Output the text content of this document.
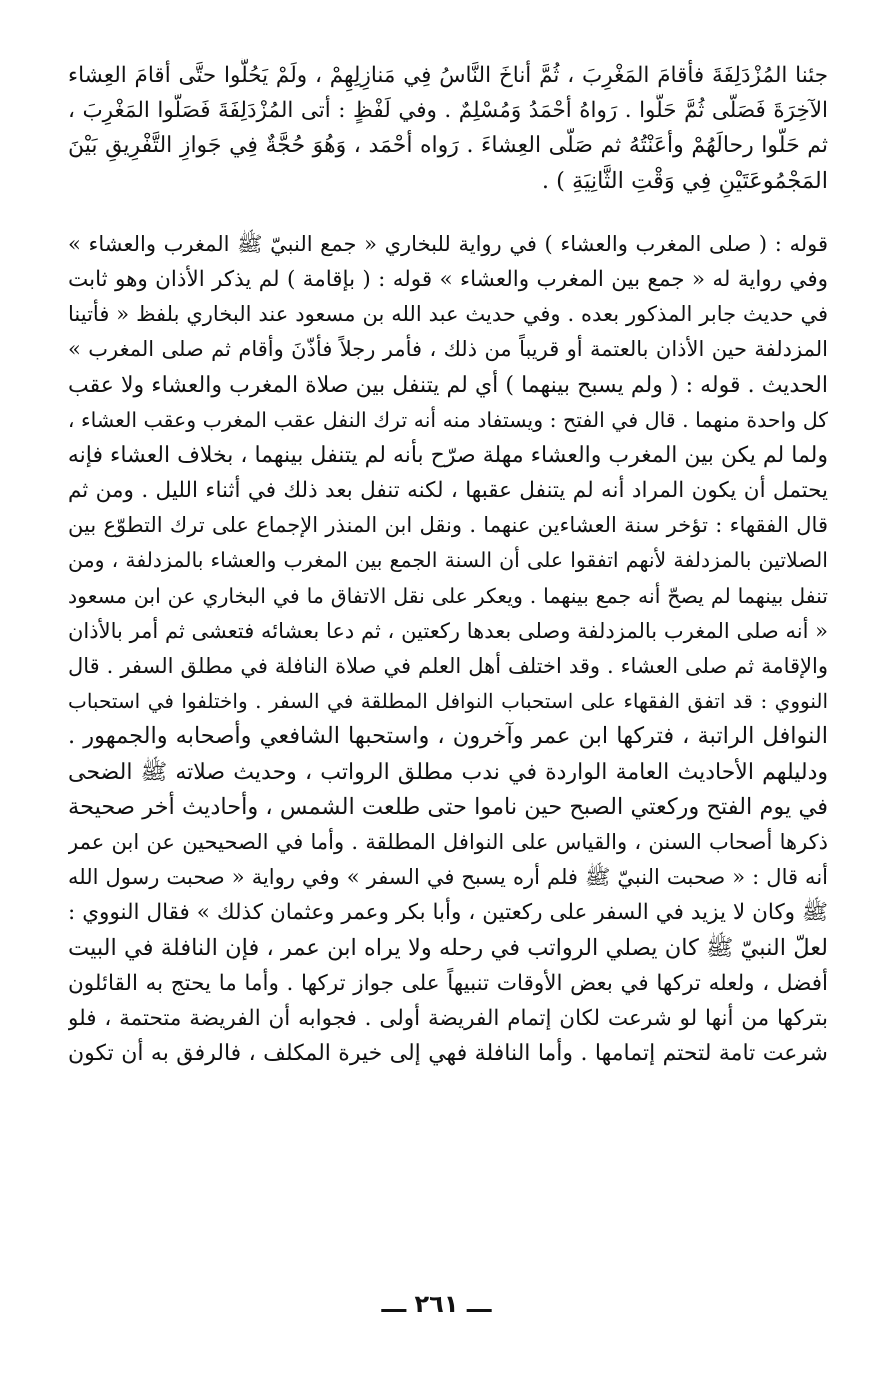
جئنا المُزْدَلِفَةَ فأقامَ المَغْرِبَ ، ثُمَّ أناخَ النَّاسُ فِي مَنازِلِهِمْ ، ولَمْ يَحُلُّوا حتَّى أقامَ العِشاء
الآخِرَةَ فَصَلَّى ثُمَّ حَلُّوا . رَواهُ أحْمَدُ وَمُسْلِمٌ . وفي لَفْظٍ : أتى المُزْدَلِفَةَ فَصَلَّوا المَغْرِبَ ،
ثم حَلُّوا رحالَهُمْ وأعَنْتُهُ ثم صَلَّى العِشاءَ . رَواه أحْمَد ، وَهُوَ حُجَّةٌ فِي جَوازِ التَّفْرِيقِ بَيْنَ
المَجْمُوعَتَيْنِ فِي وَقْتِ الثَّانِيَةِ ) .
قوله : ( صلى المغرب والعشاء ) في رواية للبخاري « جمع النبيّ ﷺ المغرب والعشاء »
وفي رواية له « جمع بين المغرب والعشاء » قوله : ( بإقامة ) لم يذكر الأذان وهو ثابت
في حديث جابر المذكور بعده . وفي حديث عبد الله بن مسعود عند البخاري بلفظ « فأتينا
المزدلفة حين الأذان بالعتمة أو قريباً من ذلك ، فأمر رجلاً فأذّنَ وأقام ثم صلى المغرب »
الحديث . قوله : ( ولم يسبح بينهما ) أي لم يتنفل بين صلاة المغرب والعشاء ولا عقب
كل واحدة منهما . قال في الفتح : ويستفاد منه أنه ترك النفل عقب المغرب وعقب العشاء ،
ولما لم يكن بين المغرب والعشاء مهلة صرّح بأنه لم يتنفل بينهما ، بخلاف العشاء فإنه
يحتمل أن يكون المراد أنه لم يتنفل عقبها ، لكنه تنفل بعد ذلك في أثناء الليل . ومن ثم
قال الفقهاء : تؤخر سنة العشاءين عنهما . ونقل ابن المنذر الإجماع على ترك التطوّع بين
الصلاتين بالمزدلفة لأنهم اتفقوا على أن السنة الجمع بين المغرب والعشاء بالمزدلفة ، ومن
تنفل بينهما لم يصحّ أنه جمع بينهما . ويعكر على نقل الاتفاق ما في البخاري عن ابن مسعود
« أنه صلى المغرب بالمزدلفة وصلى بعدها ركعتين ، ثم دعا بعشائه فتعشى ثم أمر بالأذان
والإقامة ثم صلى العشاء . وقد اختلف أهل العلم في صلاة النافلة في مطلق السفر . قال
النووي : قد اتفق الفقهاء على استحباب النوافل المطلقة في السفر . واختلفوا في استحباب
النوافل الراتبة ، فتركها ابن عمر وآخرون ، واستحبها الشافعي وأصحابه والجمهور .
ودليلهم الأحاديث العامة الواردة في ندب مطلق الرواتب ، وحديث صلاته ﷺ الضحى
في يوم الفتح وركعتي الصبح حين ناموا حتى طلعت الشمس ، وأحاديث أخر صحيحة
ذكرها أصحاب السنن ، والقياس على النوافل المطلقة . وأما في الصحيحين عن ابن عمر
أنه قال : « صحبت النبيّ ﷺ فلم أره يسبح في السفر » وفي رواية « صحبت رسول الله
ﷺ وكان لا يزيد في السفر على ركعتين ، وأبا بكر وعمر وعثمان كذلك » فقال النووي :
لعلّ النبيّ ﷺ كان يصلي الرواتب في رحله ولا يراه ابن عمر ، فإن النافلة في البيت
أفضل ، ولعله تركها في بعض الأوقات تنبيهاً على جواز تركها . وأما ما يحتج به القائلون
بتركها من أنها لو شرعت لكان إتمام الفريضة أولى . فجوابه أن الفريضة متحتمة ، فلو
شرعت تامة لتحتم إتمامها . وأما النافلة فهي إلى خيرة المكلف ، فالرفق به أن تكون
ـــ ٢٦١ ـــ
